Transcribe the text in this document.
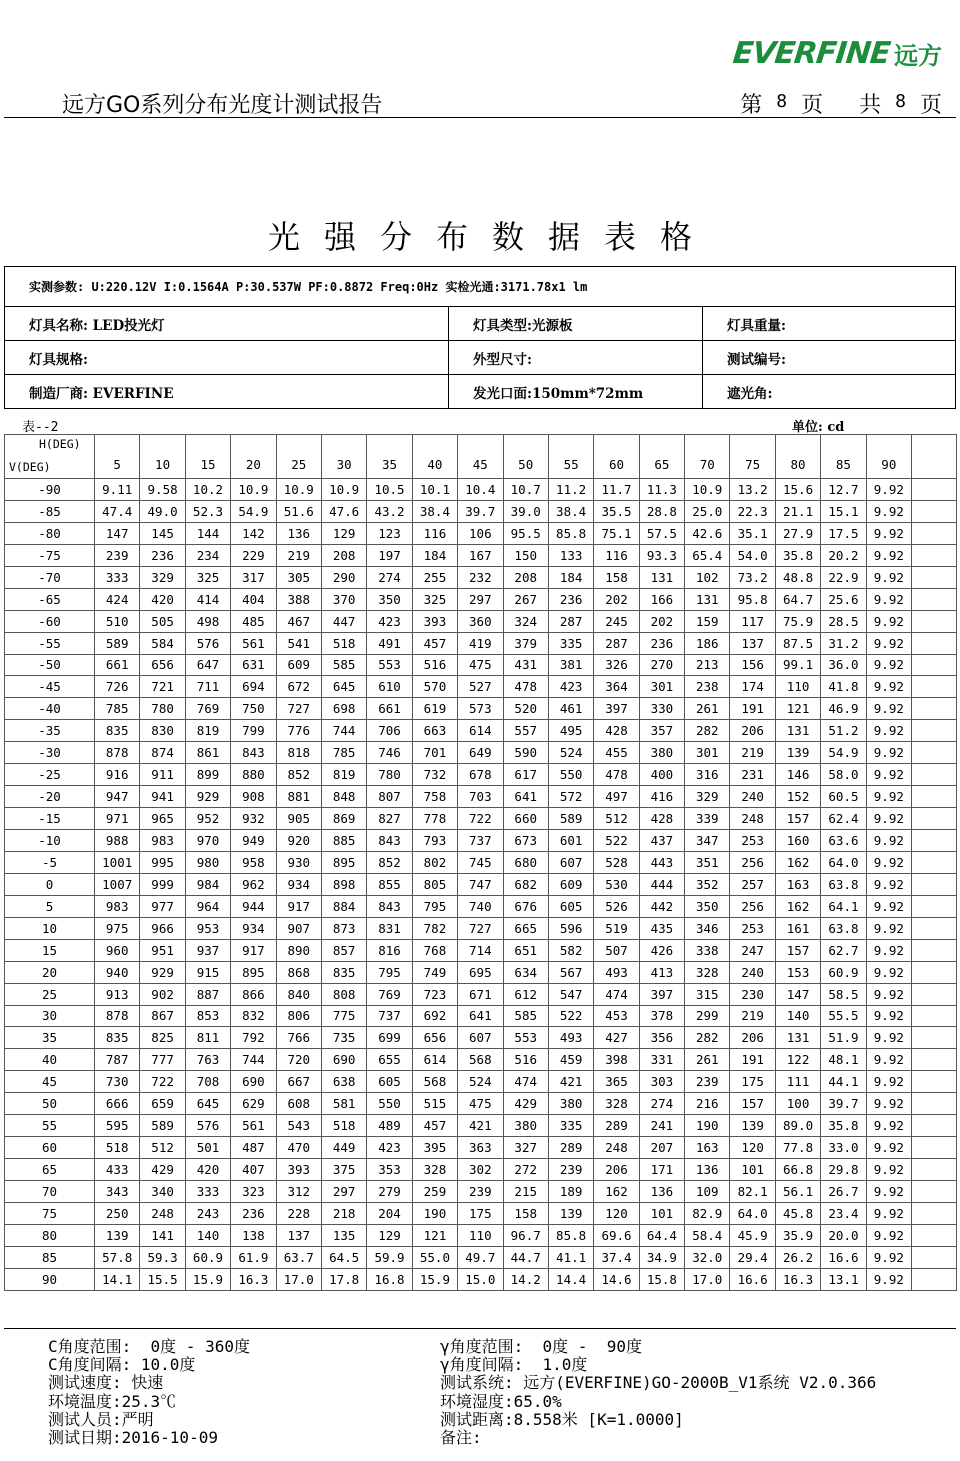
EVERFINE 远方
远方GO系列分布光度计测试报告	第 8 页 共 8 页
光强分布数据表格
实测参数: U:220.12V I:0.1564A P:30.537W PF:0.8872 Freq:0Hz 实检光通:3171.78x1 lm		
灯具名称: LED投光灯	灯具类型:光源板	灯具重量:
灯具规格:	外型尺寸:	测试编号:
制造厂商: EVERFINE	发光口面:150mm*72mm	遮光角:
表--2	单位: cd
H(DEG)
V(DEG)	5	10	15	20	25	30	35	40	45	50	55	60	65	70	75	80	85	90	
-90	9.11	9.58	10.2	10.9	10.9	10.9	10.5	10.1	10.4	10.7	11.2	11.7	11.3	10.9	13.2	15.6	12.7	9.92	
-85	47.4	49.0	52.3	54.9	51.6	47.6	43.2	38.4	39.7	39.0	38.4	35.5	28.8	25.0	22.3	21.1	15.1	9.92	
-80	147	145	144	142	136	129	123	116	106	95.5	85.8	75.1	57.5	42.6	35.1	27.9	17.5	9.92	
-75	239	236	234	229	219	208	197	184	167	150	133	116	93.3	65.4	54.0	35.8	20.2	9.92	
-70	333	329	325	317	305	290	274	255	232	208	184	158	131	102	73.2	48.8	22.9	9.92	
-65	424	420	414	404	388	370	350	325	297	267	236	202	166	131	95.8	64.7	25.6	9.92	
-60	510	505	498	485	467	447	423	393	360	324	287	245	202	159	117	75.9	28.5	9.92	
-55	589	584	576	561	541	518	491	457	419	379	335	287	236	186	137	87.5	31.2	9.92	
-50	661	656	647	631	609	585	553	516	475	431	381	326	270	213	156	99.1	36.0	9.92	
-45	726	721	711	694	672	645	610	570	527	478	423	364	301	238	174	110	41.8	9.92	
-40	785	780	769	750	727	698	661	619	573	520	461	397	330	261	191	121	46.9	9.92	
-35	835	830	819	799	776	744	706	663	614	557	495	428	357	282	206	131	51.2	9.92	
-30	878	874	861	843	818	785	746	701	649	590	524	455	380	301	219	139	54.9	9.92	
-25	916	911	899	880	852	819	780	732	678	617	550	478	400	316	231	146	58.0	9.92	
-20	947	941	929	908	881	848	807	758	703	641	572	497	416	329	240	152	60.5	9.92	
-15	971	965	952	932	905	869	827	778	722	660	589	512	428	339	248	157	62.4	9.92	
-10	988	983	970	949	920	885	843	793	737	673	601	522	437	347	253	160	63.6	9.92	
-5	1001	995	980	958	930	895	852	802	745	680	607	528	443	351	256	162	64.0	9.92	
0	1007	999	984	962	934	898	855	805	747	682	609	530	444	352	257	163	63.8	9.92	
5	983	977	964	944	917	884	843	795	740	676	605	526	442	350	256	162	64.1	9.92	
10	975	966	953	934	907	873	831	782	727	665	596	519	435	346	253	161	63.8	9.92	
15	960	951	937	917	890	857	816	768	714	651	582	507	426	338	247	157	62.7	9.92	
20	940	929	915	895	868	835	795	749	695	634	567	493	413	328	240	153	60.9	9.92	
25	913	902	887	866	840	808	769	723	671	612	547	474	397	315	230	147	58.5	9.92	
30	878	867	853	832	806	775	737	692	641	585	522	453	378	299	219	140	55.5	9.92	
35	835	825	811	792	766	735	699	656	607	553	493	427	356	282	206	131	51.9	9.92	
40	787	777	763	744	720	690	655	614	568	516	459	398	331	261	191	122	48.1	9.92	
45	730	722	708	690	667	638	605	568	524	474	421	365	303	239	175	111	44.1	9.92	
50	666	659	645	629	608	581	550	515	475	429	380	328	274	216	157	100	39.7	9.92	
55	595	589	576	561	543	518	489	457	421	380	335	289	241	190	139	89.0	35.8	9.92	
60	518	512	501	487	470	449	423	395	363	327	289	248	207	163	120	77.8	33.0	9.92	
65	433	429	420	407	393	375	353	328	302	272	239	206	171	136	101	66.8	29.8	9.92	
70	343	340	333	323	312	297	279	259	239	215	189	162	136	109	82.1	56.1	26.7	9.92	
75	250	248	243	236	228	218	204	190	175	158	139	120	101	82.9	64.0	45.8	23.4	9.92	
80	139	141	140	138	137	135	129	121	110	96.7	85.8	69.6	64.4	58.4	45.9	35.9	20.0	9.92	
85	57.8	59.3	60.9	61.9	63.7	64.5	59.9	55.0	49.7	44.7	41.1	37.4	34.9	32.0	29.4	26.2	16.6	9.92	
90	14.1	15.5	15.9	16.3	17.0	17.8	16.8	15.9	15.0	14.2	14.4	14.6	15.8	17.0	16.6	16.3	13.1	9.92	
C角度范围:  0度 - 360度
C角度间隔: 10.0度
测试速度: 快速
环境温度:25.3℃
测试人员:严明
测试日期:2016-10-09
γ角度范围:  0度 -  90度
γ角度间隔:  1.0度
测试系统: 远方(EVERFINE)GO-2000B_V1系统 V2.0.366
环境湿度:65.0%
测试距离:8.558米 [K=1.0000]
备注:
